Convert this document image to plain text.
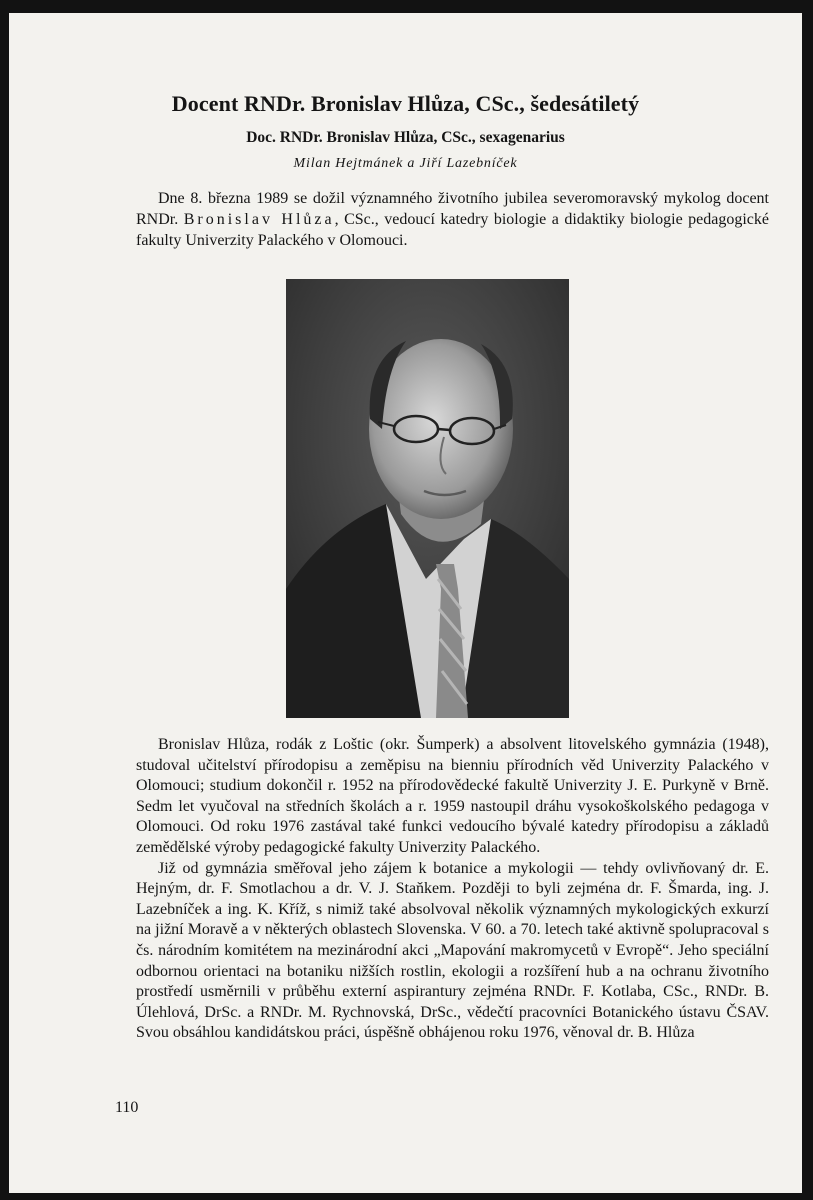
Docent RNDr. Bronislav Hlůza, CSc., šedesátiletý
Doc. RNDr. Bronislav Hlůza, CSc., sexagenarius
Milan Hejtmánek a Jiří Lazebníček

Dne 8. března 1989 se dožil významného životního jubilea severomoravský mykolog docent RNDr. Bronislav Hlůza, CSc., vedoucí katedry biologie a didaktiky biologie pedagogické fakulty Univerzity Palackého v Olomouci.

Bronislav Hlůza, rodák z Loštic (okr. Šumperk) a absolvent litovelského gymnázia (1948), studoval učitelství přírodopisu a zeměpisu na bienniu přírodních věd Univerzity Palackého v Olomouci; studium dokončil r. 1952 na přírodovědecké fakultě Univerzity J. E. Purkyně v Brně. Sedm let vyučoval na středních školách a r. 1959 nastoupil dráhu vysokoškolského pedagoga v Olomouci. Od roku 1976 zastával také funkci vedoucího bývalé katedry přírodopisu a základů zemědělské výroby pedagogické fakulty Univerzity Palackého.

Již od gymnázia směřoval jeho zájem k botanice a mykologii — tehdy ovlivňovaný dr. E. Hejným, dr. F. Smotlachou a dr. V. J. Staňkem. Později to byli zejména dr. F. Šmarda, ing. J. Lazebníček a ing. K. Kříž, s nimiž také absolvoval několik významných mykologických exkurzí na jižní Moravě a v některých oblastech Slovenska. V 60. a 70. letech také aktivně spolupracoval s čs. národním komitétem na mezinárodní akci „Mapování makromycetů v Evropě“. Jeho speciální odbornou orientaci na botaniku nižších rostlin, ekologii a rozšíření hub a na ochranu životního prostředí usměrnili v průběhu externí aspirantury zejména RNDr. F. Kotlaba, CSc., RNDr. B. Úlehlová, DrSc. a RNDr. M. Rychnovská, DrSc., vědečtí pracovníci Botanického ústavu ČSAV. Svou obsáhlou kandidátskou práci, úspěšně obhájenou roku 1976, věnoval dr. B. Hlůza

110
